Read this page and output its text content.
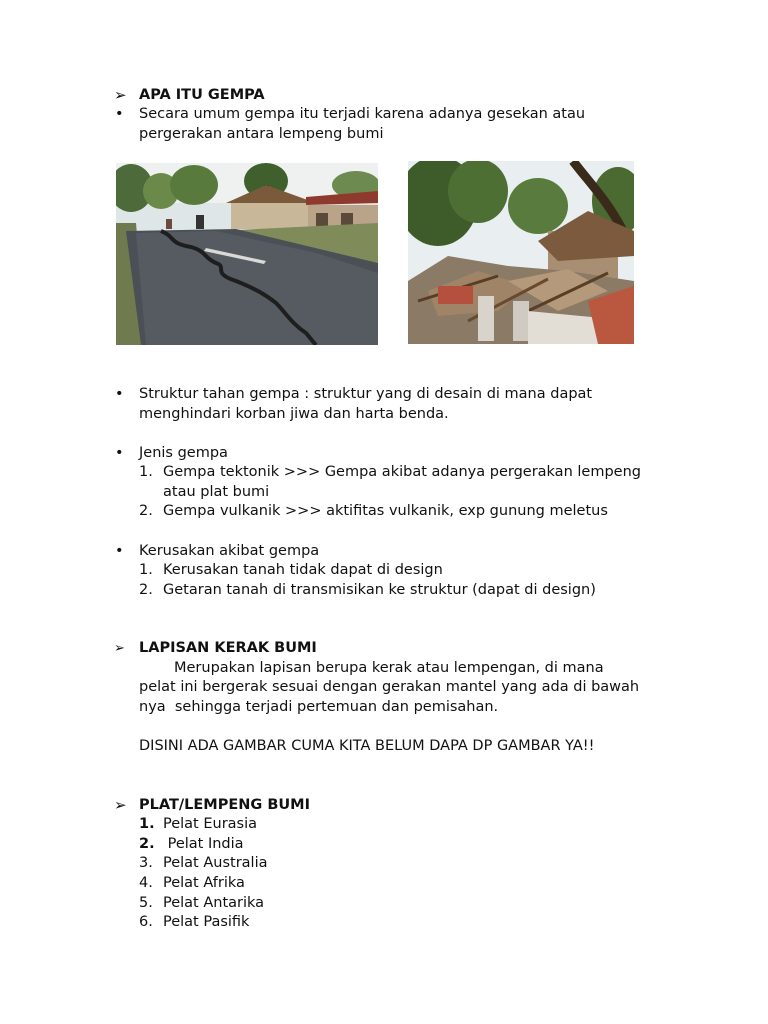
➢ APA ITU GEMPA
• Secara umum gempa itu terjadi karena adanya gesekan atau
pergerakan antara lempeng bumi
• Struktur tahan gempa : struktur yang di desain di mana dapat
menghindari korban jiwa dan harta benda.
• Jenis gempa
1. Gempa tektonik >>> Gempa akibat adanya pergerakan lempeng
atau plat bumi
2. Gempa vulkanik >>> aktifitas vulkanik, exp gunung meletus
• Kerusakan akibat gempa
1. Kerusakan tanah tidak dapat di design
2. Getaran tanah di transmisikan ke struktur (dapat di design)
➢ LAPISAN KERAK BUMI
Merupakan lapisan berupa kerak atau lempengan, di mana
pelat ini bergerak sesuai dengan gerakan mantel yang ada di bawah
nya  sehingga terjadi pertemuan dan pemisahan.
DISINI ADA GAMBAR CUMA KITA BELUM DAPA DP GAMBAR YA!!
➢ PLAT/LEMPENG BUMI
1. Pelat Eurasia
2. Pelat India
3. Pelat Australia
4. Pelat Afrika
5. Pelat Antarika
6. Pelat Pasifik
